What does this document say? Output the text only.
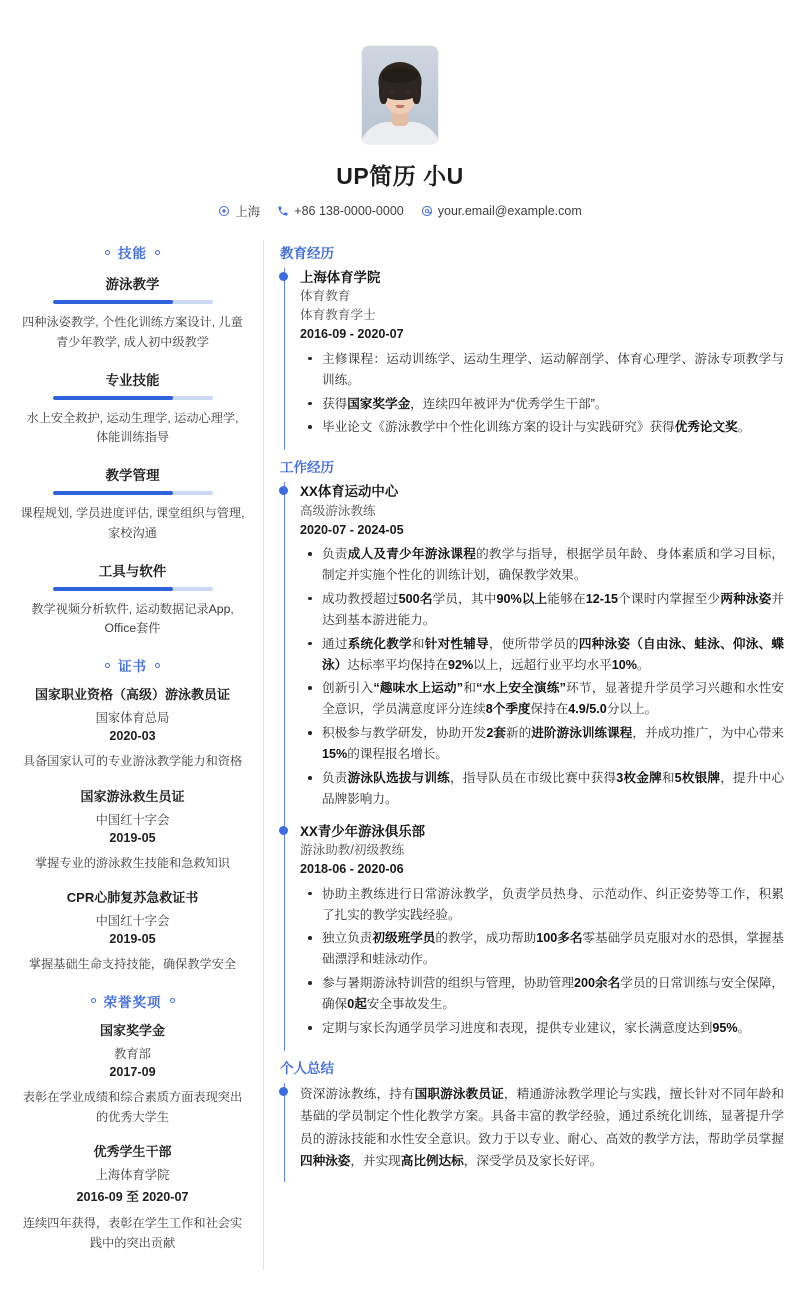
UP简历 小U
上海	+86 138-0000-0000	your.email@example.com
技能
游泳教学
四种泳姿教学, 个性化训练方案设计, 儿童青少年教学, 成人初中级教学
专业技能
水上安全救护, 运动生理学, 运动心理学, 体能训练指导
教学管理
课程规划, 学员进度评估, 课堂组织与管理, 家校沟通
工具与软件
教学视频分析软件, 运动数据记录App, Office套件
证书
国家职业资格（高级）游泳教员证
国家体育总局
2020-03
具备国家认可的专业游泳教学能力和资格
国家游泳救生员证
中国红十字会
2019-05
掌握专业的游泳救生技能和急救知识
CPR心肺复苏急救证书
中国红十字会
2019-05
掌握基础生命支持技能，确保教学安全
荣誉奖项
国家奖学金
教育部
2017-09
表彰在学业成绩和综合素质方面表现突出的优秀大学生
优秀学生干部
上海体育学院
2016-09 至 2020-07
连续四年获得，表彰在学生工作和社会实践中的突出贡献
教育经历
上海体育学院
体育教育
体育教育学士
2016-09 - 2020-07
主修课程：运动训练学、运动生理学、运动解剖学、体育心理学、游泳专项教学与训练。
获得国家奖学金，连续四年被评为“优秀学生干部”。
毕业论文《游泳教学中个性化训练方案的设计与实践研究》获得优秀论文奖。
工作经历
XX体育运动中心
高级游泳教练
2020-07 - 2024-05
负责成人及青少年游泳课程的教学与指导，根据学员年龄、身体素质和学习目标，制定并实施个性化的训练计划，确保教学效果。
成功教授超过500名学员，其中90%以上能够在12-15个课时内掌握至少两种泳姿并达到基本游进能力。
通过系统化教学和针对性辅导，使所带学员的四种泳姿（自由泳、蛙泳、仰泳、蝶泳）达标率平均保持在92%以上，远超行业平均水平10%。
创新引入“趣味水上运动”和“水上安全演练”环节，显著提升学员学习兴趣和水性安全意识，学员满意度评分连续8个季度保持在4.9/5.0分以上。
积极参与教学研发，协助开发2套新的进阶游泳训练课程，并成功推广，为中心带来15%的课程报名增长。
负责游泳队选拔与训练，指导队员在市级比赛中获得3枚金牌和5枚银牌，提升中心品牌影响力。
XX青少年游泳俱乐部
游泳助教/初级教练
2018-06 - 2020-06
协助主教练进行日常游泳教学，负责学员热身、示范动作、纠正姿势等工作，积累了扎实的教学实践经验。
独立负责初级班学员的教学，成功帮助100多名零基础学员克服对水的恐惧，掌握基础漂浮和蛙泳动作。
参与暑期游泳特训营的组织与管理，协助管理200余名学员的日常训练与安全保障，确保0起安全事故发生。
定期与家长沟通学员学习进度和表现，提供专业建议，家长满意度达到95%。
个人总结
资深游泳教练，持有国职游泳教员证，精通游泳教学理论与实践，擅长针对不同年龄和基础的学员制定个性化教学方案。具备丰富的教学经验，通过系统化训练，显著提升学员的游泳技能和水性安全意识。致力于以专业、耐心、高效的教学方法，帮助学员掌握四种泳姿，并实现高比例达标，深受学员及家长好评。
